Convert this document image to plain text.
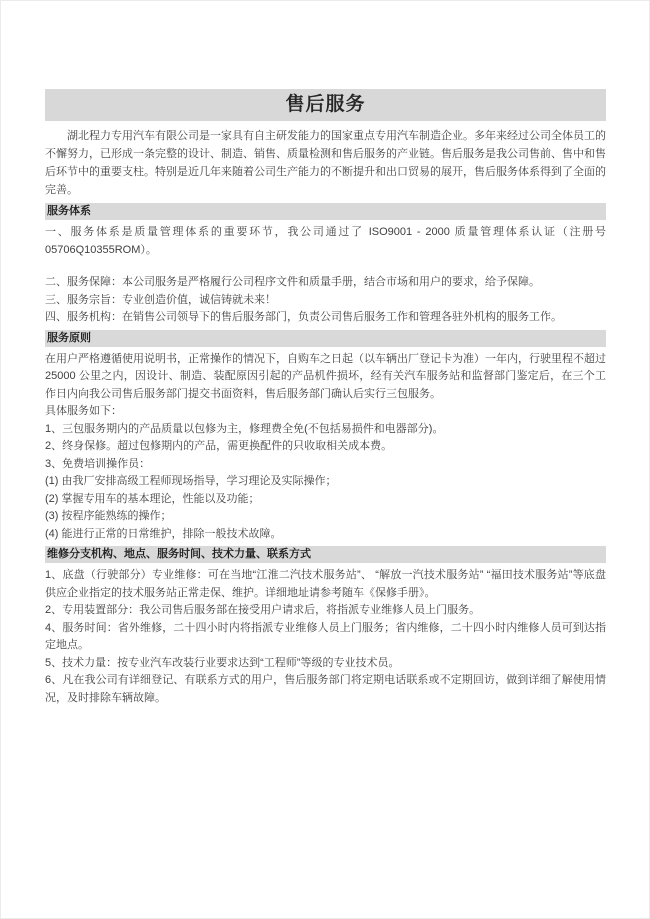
售后服务

湖北程力专用汽车有限公司是一家具有自主研发能力的国家重点专用汽车制造企业。多年来经过公司全体员工的不懈努力，已形成一条完整的设计、制造、销售、质量检测和售后服务的产业链。售后服务是我公司售前、售中和售后环节中的重要支柱。特别是近几年来随着公司生产能力的不断提升和出口贸易的展开，售后服务体系得到了全面的完善。

服务体系
一、服务体系是质量管理体系的重要环节，我公司通过了 ISO9001 - 2000 质量管理体系认证（注册号 05706Q10355ROM）。
二、服务保障：本公司服务是严格履行公司程序文件和质量手册，结合市场和用户的要求，给予保障。
三、服务宗旨：专业创造价值，诚信铸就未来！
四、服务机构：在销售公司领导下的售后服务部门，负责公司售后服务工作和管理各驻外机构的服务工作。
服务原则
在用户严格遵循使用说明书，正常操作的情况下，自购车之日起（以车辆出厂登记卡为准）一年内，行驶里程不超过 25000 公里之内，因设计、制造、装配原因引起的产品机件损坏，经有关汽车服务站和监督部门鉴定后，在三个工作日内向我公司售后服务部门提交书面资料，售后服务部门确认后实行三包服务。
具体服务如下：
1、三包服务期内的产品质量以包修为主，修理费全免(不包括易损件和电器部分)。
2、终身保修。超过包修期内的产品，需更换配件的只收取相关成本费。
3、免费培训操作员：
(1) 由我厂安排高级工程师现场指导，学习理论及实际操作；
(2) 掌握专用车的基本理论，性能以及功能；
(3) 按程序能熟练的操作；
(4) 能进行正常的日常维护，排除一般技术故障。
维修分支机构、地点、服务时间、技术力量、联系方式
1、底盘（行驶部分）专业维修：可在当地“江淮二汽技术服务站”、 “解放一汽技术服务站” “福田技术服务站”等底盘供应企业指定的技术服务站正常走保、维护。详细地址请参考随车《保修手册》。
2、专用装置部分：我公司售后服务部在接受用户请求后，将指派专业维修人员上门服务。
4、服务时间：省外维修，二十四小时内将指派专业维修人员上门服务；省内维修，二十四小时内维修人员可到达指定地点。
5、技术力量：按专业汽车改装行业要求达到“工程师”等级的专业技术员。
6、凡在我公司有详细登记、有联系方式的用户，售后服务部门将定期电话联系或不定期回访，做到详细了解使用情况，及时排除车辆故障。
